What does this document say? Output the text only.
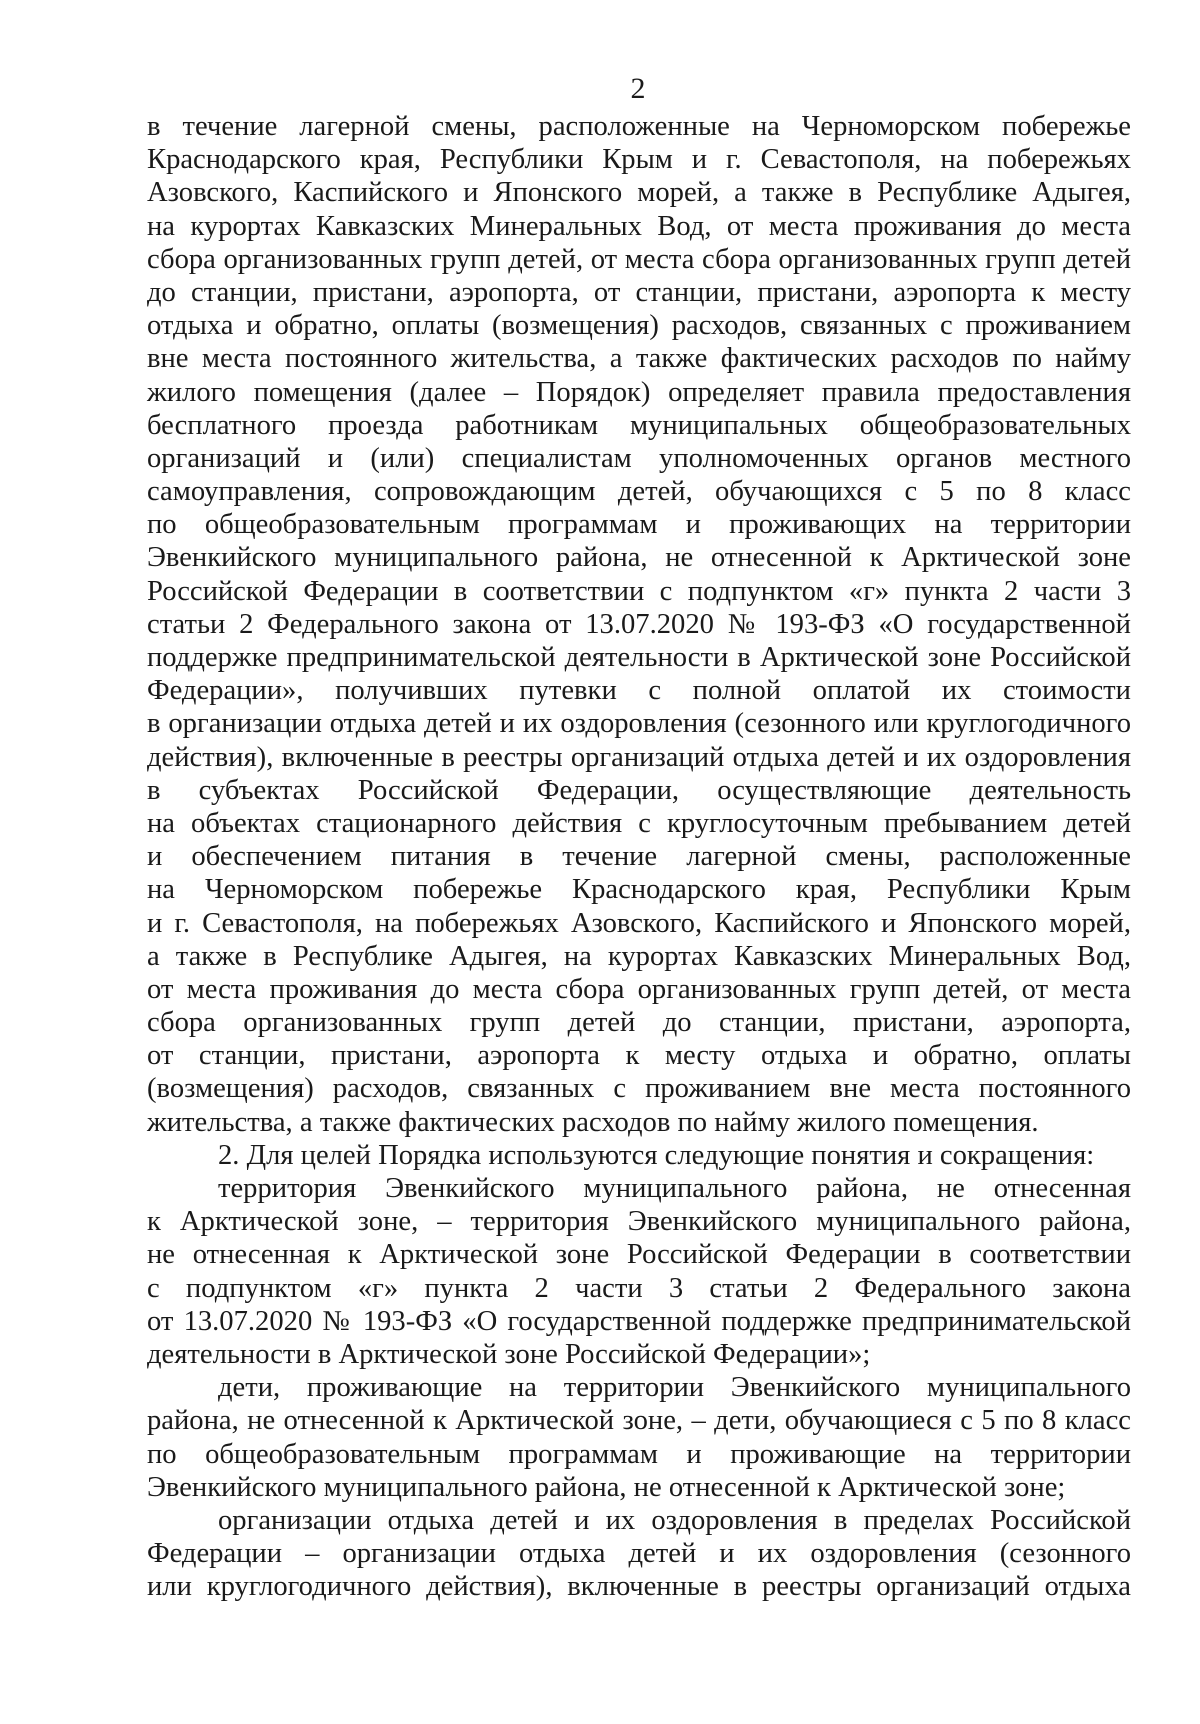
2
в течение лагерной смены, расположенные на Черноморском побережье
Краснодарского края, Республики Крым и г. Севастополя, на побережьях
Азовского, Каспийского и Японского морей, а также в Республике Адыгея,
на курортах Кавказских Минеральных Вод, от места проживания до места
сбора организованных групп детей, от места сбора организованных групп детей
до станции, пристани, аэропорта, от станции, пристани, аэропорта к месту
отдыха и обратно, оплаты (возмещения) расходов, связанных с проживанием
вне места постоянного жительства, а также фактических расходов по найму
жилого помещения (далее – Порядок) определяет правила предоставления
бесплатного проезда работникам муниципальных общеобразовательных
организаций и (или) специалистам уполномоченных органов местного
самоуправления, сопровождающим детей, обучающихся с 5 по 8 класс
по общеобразовательным программам и проживающих на территории
Эвенкийского муниципального района, не отнесенной к Арктической зоне
Российской Федерации в соответствии с подпунктом «г» пункта 2 части 3
статьи 2 Федерального закона от 13.07.2020 № 193-ФЗ «О государственной
поддержке предпринимательской деятельности в Арктической зоне Российской
Федерации», получивших путевки с полной оплатой их стоимости
в организации отдыха детей и их оздоровления (сезонного или круглогодичного
действия), включенные в реестры организаций отдыха детей и их оздоровления
в субъектах Российской Федерации, осуществляющие деятельность
на объектах стационарного действия с круглосуточным пребыванием детей
и обеспечением питания в течение лагерной смены, расположенные
на Черноморском побережье Краснодарского края, Республики Крым
и г. Севастополя, на побережьях Азовского, Каспийского и Японского морей,
а также в Республике Адыгея, на курортах Кавказских Минеральных Вод,
от места проживания до места сбора организованных групп детей, от места
сбора организованных групп детей до станции, пристани, аэропорта,
от станции, пристани, аэропорта к месту отдыха и обратно, оплаты
(возмещения) расходов, связанных с проживанием вне места постоянного
жительства, а также фактических расходов по найму жилого помещения.
2. Для целей Порядка используются следующие понятия и сокращения:
территория Эвенкийского муниципального района, не отнесенная
к Арктической зоне, – территория Эвенкийского муниципального района,
не отнесенная к Арктической зоне Российской Федерации в соответствии
с подпунктом «г» пункта 2 части 3 статьи 2 Федерального закона
от 13.07.2020 № 193-ФЗ «О государственной поддержке предпринимательской
деятельности в Арктической зоне Российской Федерации»;
дети, проживающие на территории Эвенкийского муниципального
района, не отнесенной к Арктической зоне, – дети, обучающиеся с 5 по 8 класс
по общеобразовательным программам и проживающие на территории
Эвенкийского муниципального района, не отнесенной к Арктической зоне;
организации отдыха детей и их оздоровления в пределах Российской
Федерации – организации отдыха детей и их оздоровления (сезонного
или круглогодичного действия), включенные в реестры организаций отдыха
